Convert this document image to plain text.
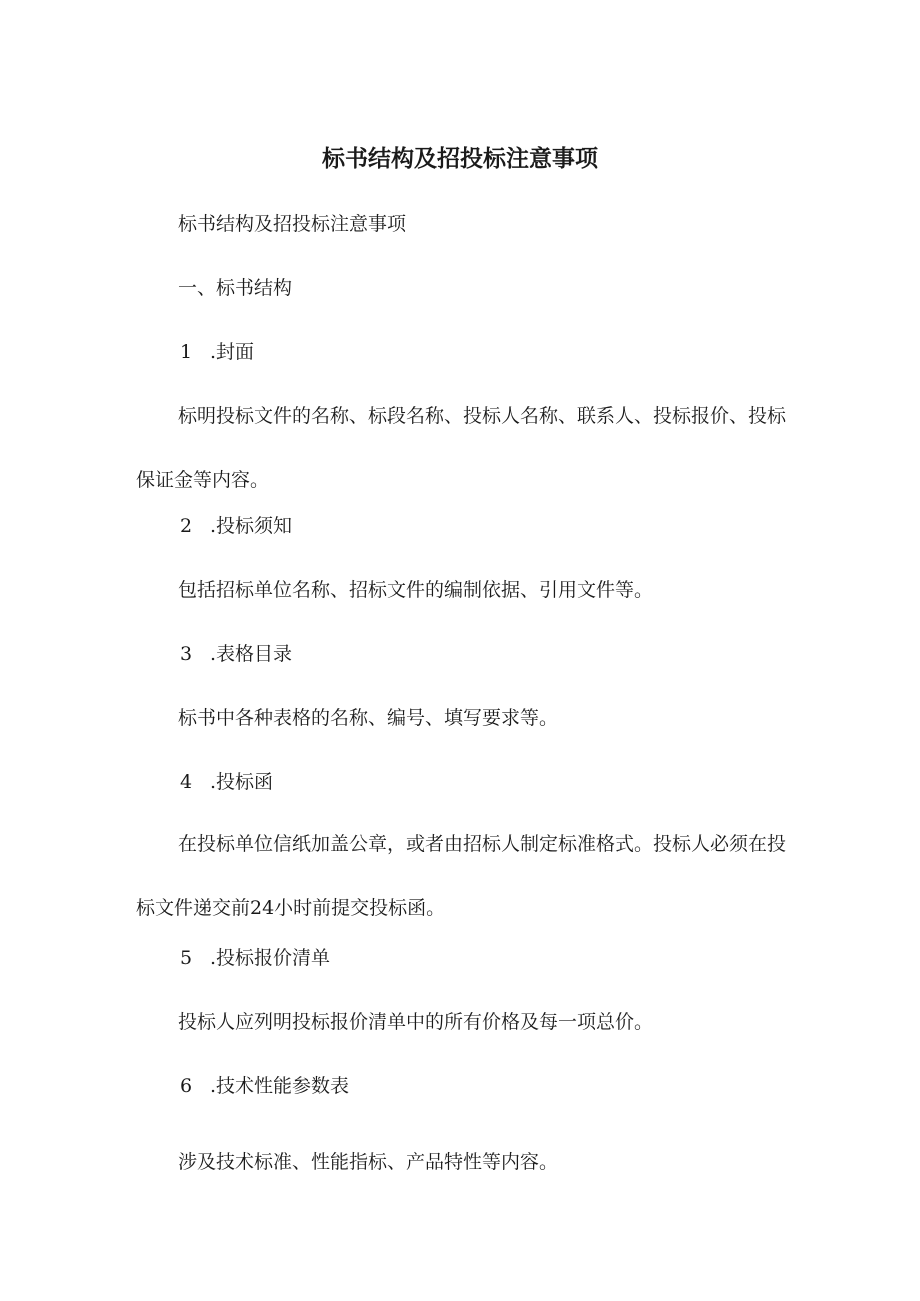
标书结构及招投标注意事项
标书结构及招投标注意事项
一、标书结构
1 .封面
标明投标文件的名称、标段名称、投标人名称、联系人、投标报价、投标保证金等内容。
2 .投标须知
包括招标单位名称、招标文件的编制依据、引用文件等。
3 .表格目录
标书中各种表格的名称、编号、填写要求等。
4 .投标函
在投标单位信纸加盖公章，或者由招标人制定标准格式。投标人必须在投标文件递交前24小时前提交投标函。
5 .投标报价清单
投标人应列明投标报价清单中的所有价格及每一项总价。
6 .技术性能参数表
涉及技术标准、性能指标、产品特性等内容。
